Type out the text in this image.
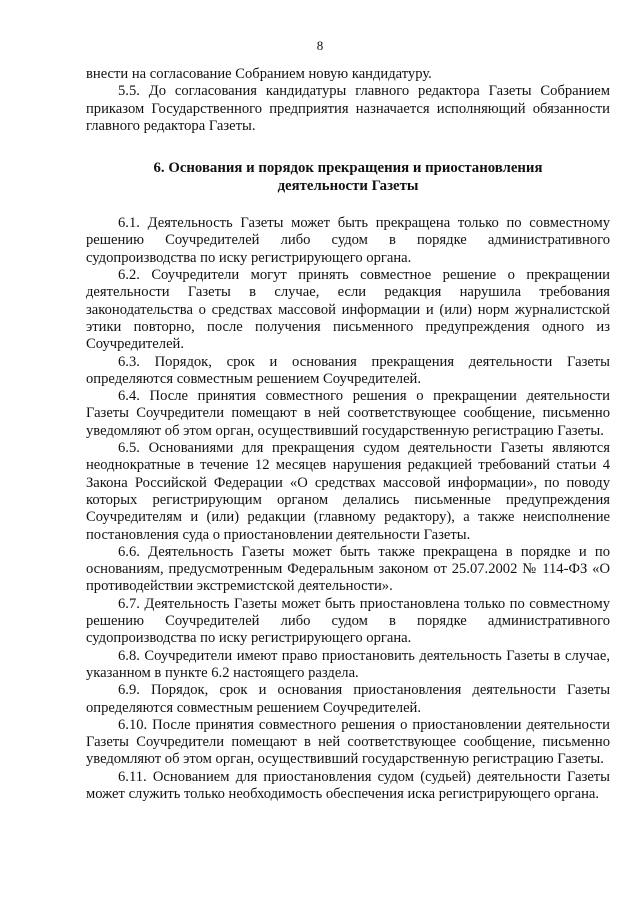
8

внести на согласование Собранием новую кандидатуру.

5.5. До согласования кандидатуры главного редактора Газеты Собранием приказом Государственного предприятия назначается исполняющий обязанности главного редактора Газеты.

6. Основания и порядок прекращения и приостановления
деятельности Газеты

6.1. Деятельность Газеты может быть прекращена только по совместному решению Соучредителей либо судом в порядке административного судопроизводства по иску регистрирующего органа.

6.2. Соучредители могут принять совместное решение о прекращении деятельности Газеты в случае, если редакция нарушила требования законодательства о средствах массовой информации и (или) норм журналистской этики повторно, после получения письменного предупреждения одного из Соучредителей.

6.3. Порядок, срок и основания прекращения деятельности Газеты определяются совместным решением Соучредителей.

6.4. После принятия совместного решения о прекращении деятельности Газеты Соучредители помещают в ней соответствующее сообщение, письменно уведомляют об этом орган, осуществивший государственную регистрацию Газеты.

6.5. Основаниями для прекращения судом деятельности Газеты являются неоднократные в течение 12 месяцев нарушения редакцией требований статьи 4 Закона Российской Федерации «О средствах массовой информации», по поводу которых регистрирующим органом делались письменные предупреждения Соучредителям и (или) редакции (главному редактору), а также неисполнение постановления суда о приостановлении деятельности Газеты.

6.6. Деятельность Газеты может быть также прекращена в порядке и по основаниям, предусмотренным Федеральным законом от 25.07.2002 № 114-ФЗ «О противодействии экстремистской деятельности».

6.7. Деятельность Газеты может быть приостановлена только по совместному решению Соучредителей либо судом в порядке административного судопроизводства по иску регистрирующего органа.

6.8. Соучредители имеют право приостановить деятельность Газеты в случае, указанном в пункте 6.2 настоящего раздела.

6.9. Порядок, срок и основания приостановления деятельности Газеты определяются совместным решением Соучредителей.

6.10. После принятия совместного решения о приостановлении деятельности Газеты Соучредители помещают в ней соответствующее сообщение, письменно уведомляют об этом орган, осуществивший государственную регистрацию Газеты.

6.11. Основанием для приостановления судом (судьей) деятельности Газеты может служить только необходимость обеспечения иска регистрирующего органа.
